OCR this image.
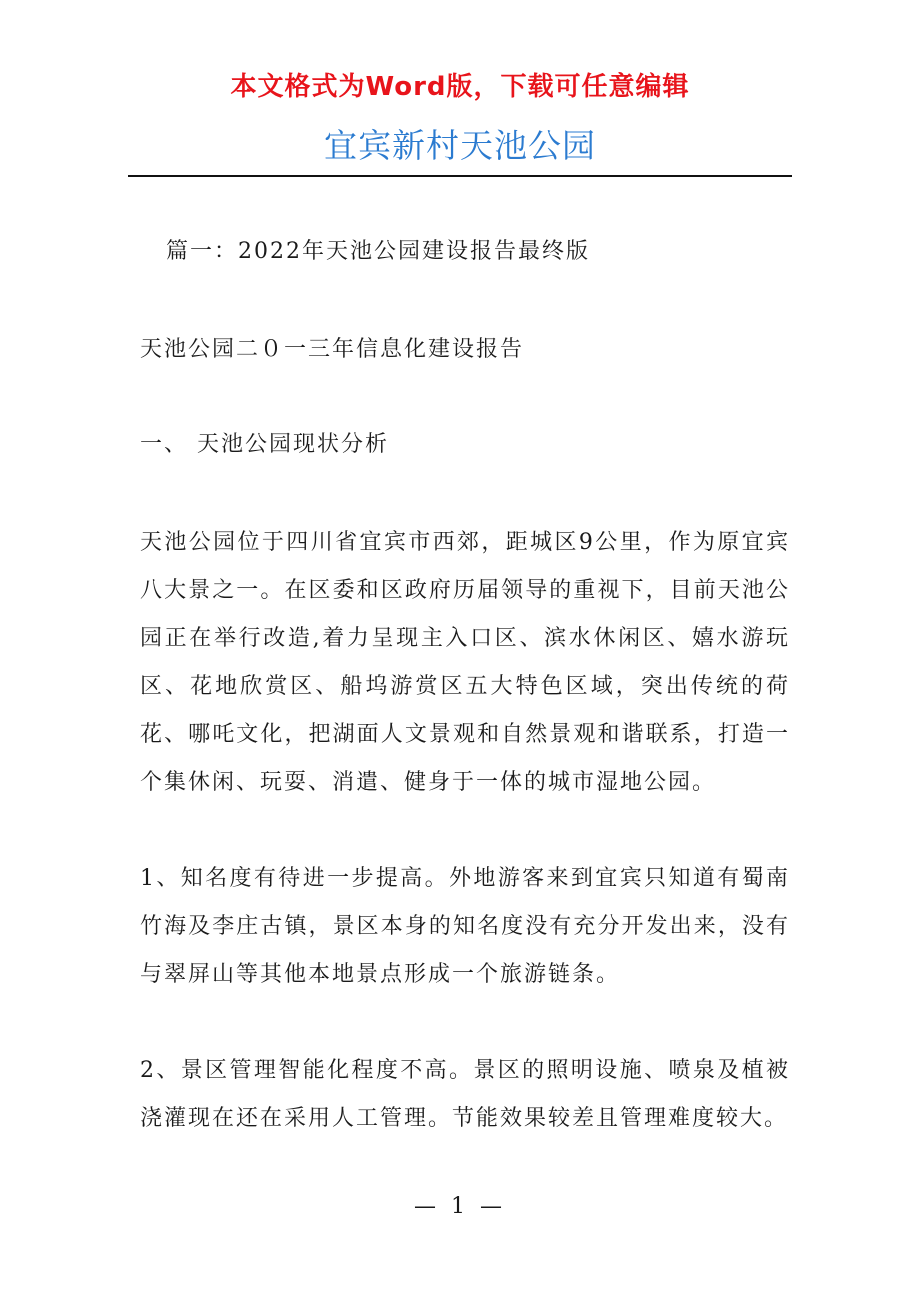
本文格式为Word版，下载可任意编辑
宜宾新村天池公园

篇一：2022年天池公园建设报告最终版

天池公园二０一三年信息化建设报告

一、 天池公园现状分析

天池公园位于四川省宜宾市西郊，距城区9公里，作为原宜宾八大景之一。在区委和区政府历届领导的重视下，目前天池公园正在举行改造,着力呈现主入口区、滨水休闲区、嬉水游玩区、花地欣赏区、船坞游赏区五大特色区域，突出传统的荷花、哪吒文化，把湖面人文景观和自然景观和谐联系，打造一个集休闲、玩耍、消遣、健身于一体的城市湿地公园。

1、知名度有待进一步提高。外地游客来到宜宾只知道有蜀南竹海及李庄古镇，景区本身的知名度没有充分开发出来，没有与翠屏山等其他本地景点形成一个旅游链条。

2、景区管理智能化程度不高。景区的照明设施、喷泉及植被浇灌现在还在采用人工管理。节能效果较差且管理难度较大。

— 1 —
